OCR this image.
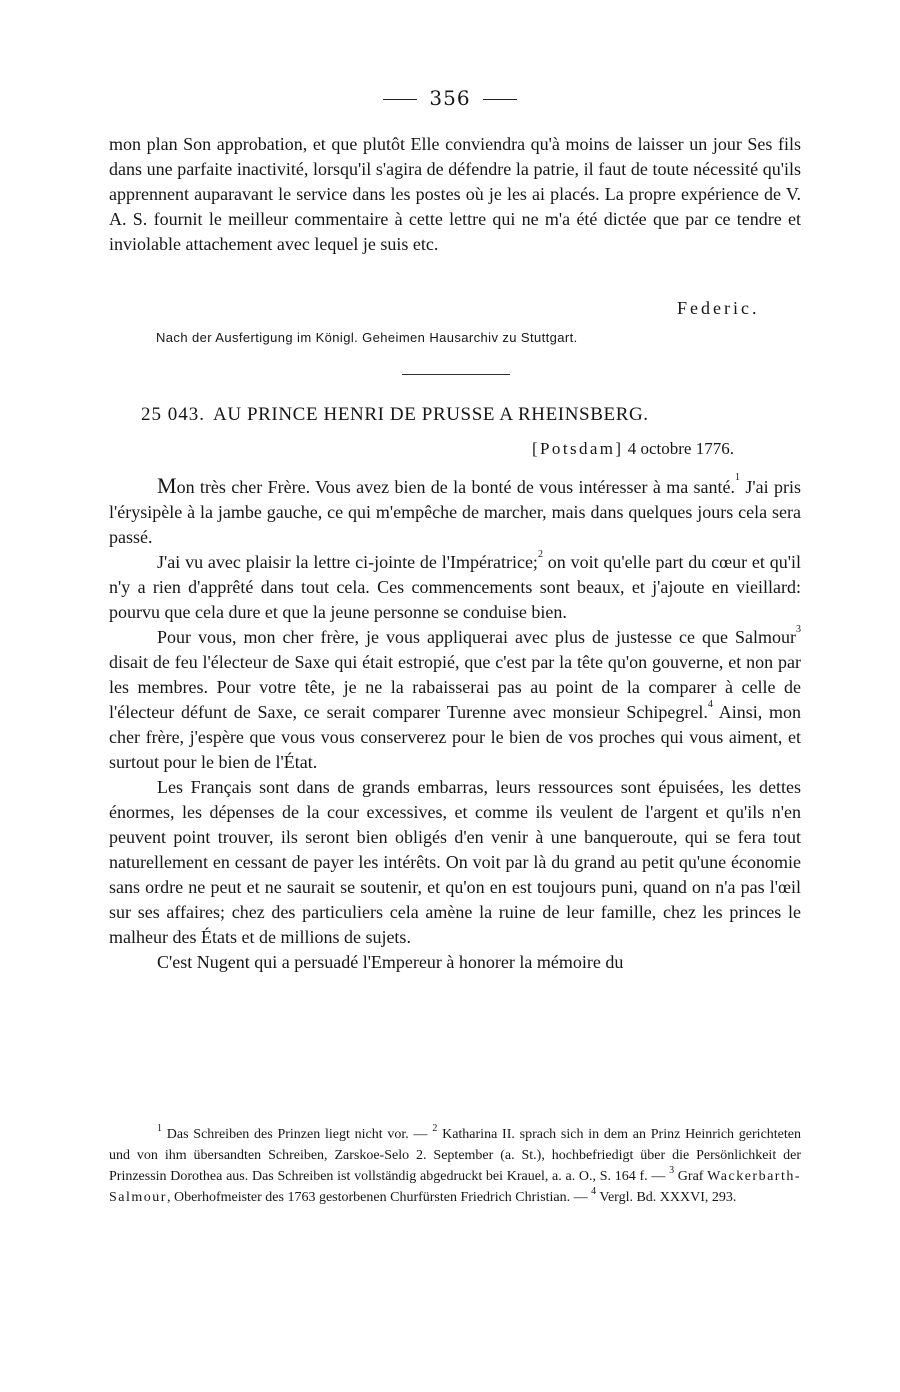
356

mon plan Son approbation, et que plutôt Elle conviendra qu'à moins de laisser un jour Ses fils dans une parfaite inactivité, lorsqu'il s'agira de défendre la patrie, il faut de toute nécessité qu'ils apprennent auparavant le service dans les postes où je les ai placés. La propre expérience de V. A. S. fournit le meilleur commentaire à cette lettre qui ne m'a été dictée que par ce tendre et inviolable attachement avec lequel je suis etc.

Federic.
Nach der Ausfertigung im Königl. Geheimen Hausarchiv zu Stuttgart.
25 043. AU PRINCE HENRI DE PRUSSE A RHEINSBERG.
[Potsdam] 4 octobre 1776.

Mon très cher Frère. Vous avez bien de la bonté de vous intéresser à ma santé.$^1$ J'ai pris l'érysipèle à la jambe gauche, ce qui m'empêche de marcher, mais dans quelques jours cela sera passé.

J'ai vu avec plaisir la lettre ci-jointe de l'Impératrice;$^2$ on voit qu'elle part du cœur et qu'il n'y a rien d'apprêté dans tout cela. Ces commencements sont beaux, et j'ajoute en vieillard: pourvu que cela dure et que la jeune personne se conduise bien.

Pour vous, mon cher frère, je vous appliquerai avec plus de justesse ce que Salmour$^3$ disait de feu l'électeur de Saxe qui était estropié, que c'est par la tête qu'on gouverne, et non par les membres. Pour votre tête, je ne la rabaisserai pas au point de la comparer à celle de l'électeur défunt de Saxe, ce serait comparer Turenne avec monsieur Schipegrel.$^4$ Ainsi, mon cher frère, j'espère que vous vous conserverez pour le bien de vos proches qui vous aiment, et surtout pour le bien de l'État.

Les Français sont dans de grands embarras, leurs ressources sont épuisées, les dettes énormes, les dépenses de la cour excessives, et comme ils veulent de l'argent et qu'ils n'en peuvent point trouver, ils seront bien obligés d'en venir à une banqueroute, qui se fera tout naturellement en cessant de payer les intérêts. On voit par là du grand au petit qu'une économie sans ordre ne peut et ne saurait se soutenir, et qu'on en est toujours puni, quand on n'a pas l'œil sur ses affaires; chez des particuliers cela amène la ruine de leur famille, chez les princes le malheur des États et de millions de sujets.

C'est Nugent qui a persuadé l'Empereur à honorer la mémoire du

$^1$ Das Schreiben des Prinzen liegt nicht vor. — $^2$ Katharina II. sprach sich in dem an Prinz Heinrich gerichteten und von ihm übersandten Schreiben, Zarskoe-Selo 2. September (a. St.), hochbefriedigt über die Persönlichkeit der Prinzessin Dorothea aus. Das Schreiben ist vollständig abgedruckt bei Krauel, a. a. O., S. 164 f. — $^3$ Graf Wackerbarth-Salmour, Oberhofmeister des 1763 gestorbenen Churfürsten Friedrich Christian. — $^4$ Vergl. Bd. XXXVI, 293.
